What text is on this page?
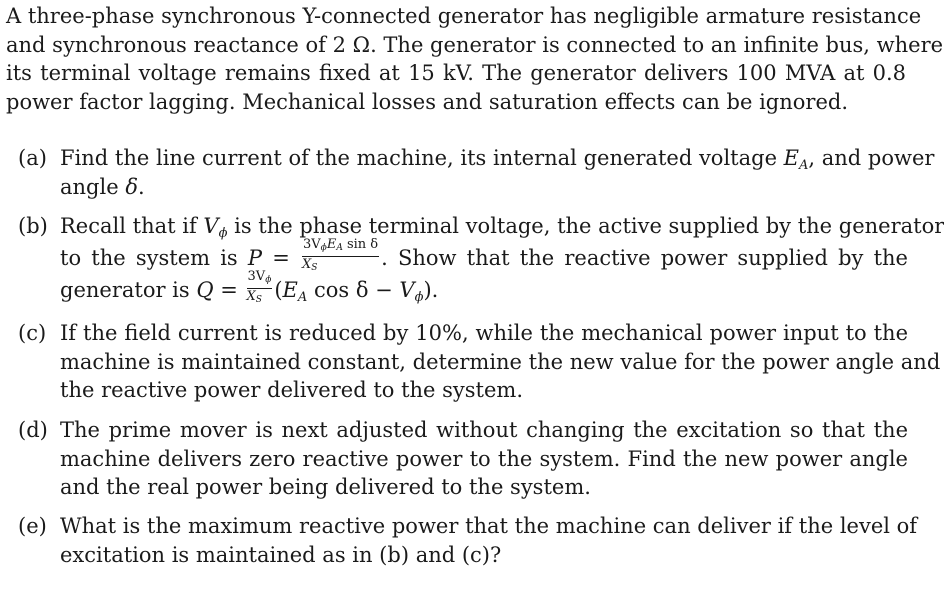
A three-phase synchronous Y-connected generator has negligible armature resistance
and synchronous reactance of 2 Ω. The generator is connected to an infinite bus, where
its terminal voltage remains fixed at 15 kV. The generator delivers 100 MVA at 0.8
power factor lagging. Mechanical losses and saturation effects can be ignored.
(a) Find the line current of the machine, its internal generated voltage $E_A$, and power
angle δ.
(b) Recall that if $V_\phi$ is the phase terminal voltage, the active supplied by the generator
to the system is $P = \frac{\text{3VϕEA sin δ}}{XS}$ . Show that the reactive power supplied by the
generator is $Q = \frac{3V\phi}{XS} (E_A$ $\cos \delta - V_\phi$).
(c) If the field current is reduced by 10%, while the mechanical power input to the
machine is maintained constant, determine the new value for the power angle and
the reactive power delivered to the system.
(d) The prime mover is next adjusted without changing the excitation so that the
machine delivers zero reactive power to the system. Find the new power angle
and the real power being delivered to the system.
(e) What is the maximum reactive power that the machine can deliver if the level of
excitation is maintained as in (b) and (c)?
